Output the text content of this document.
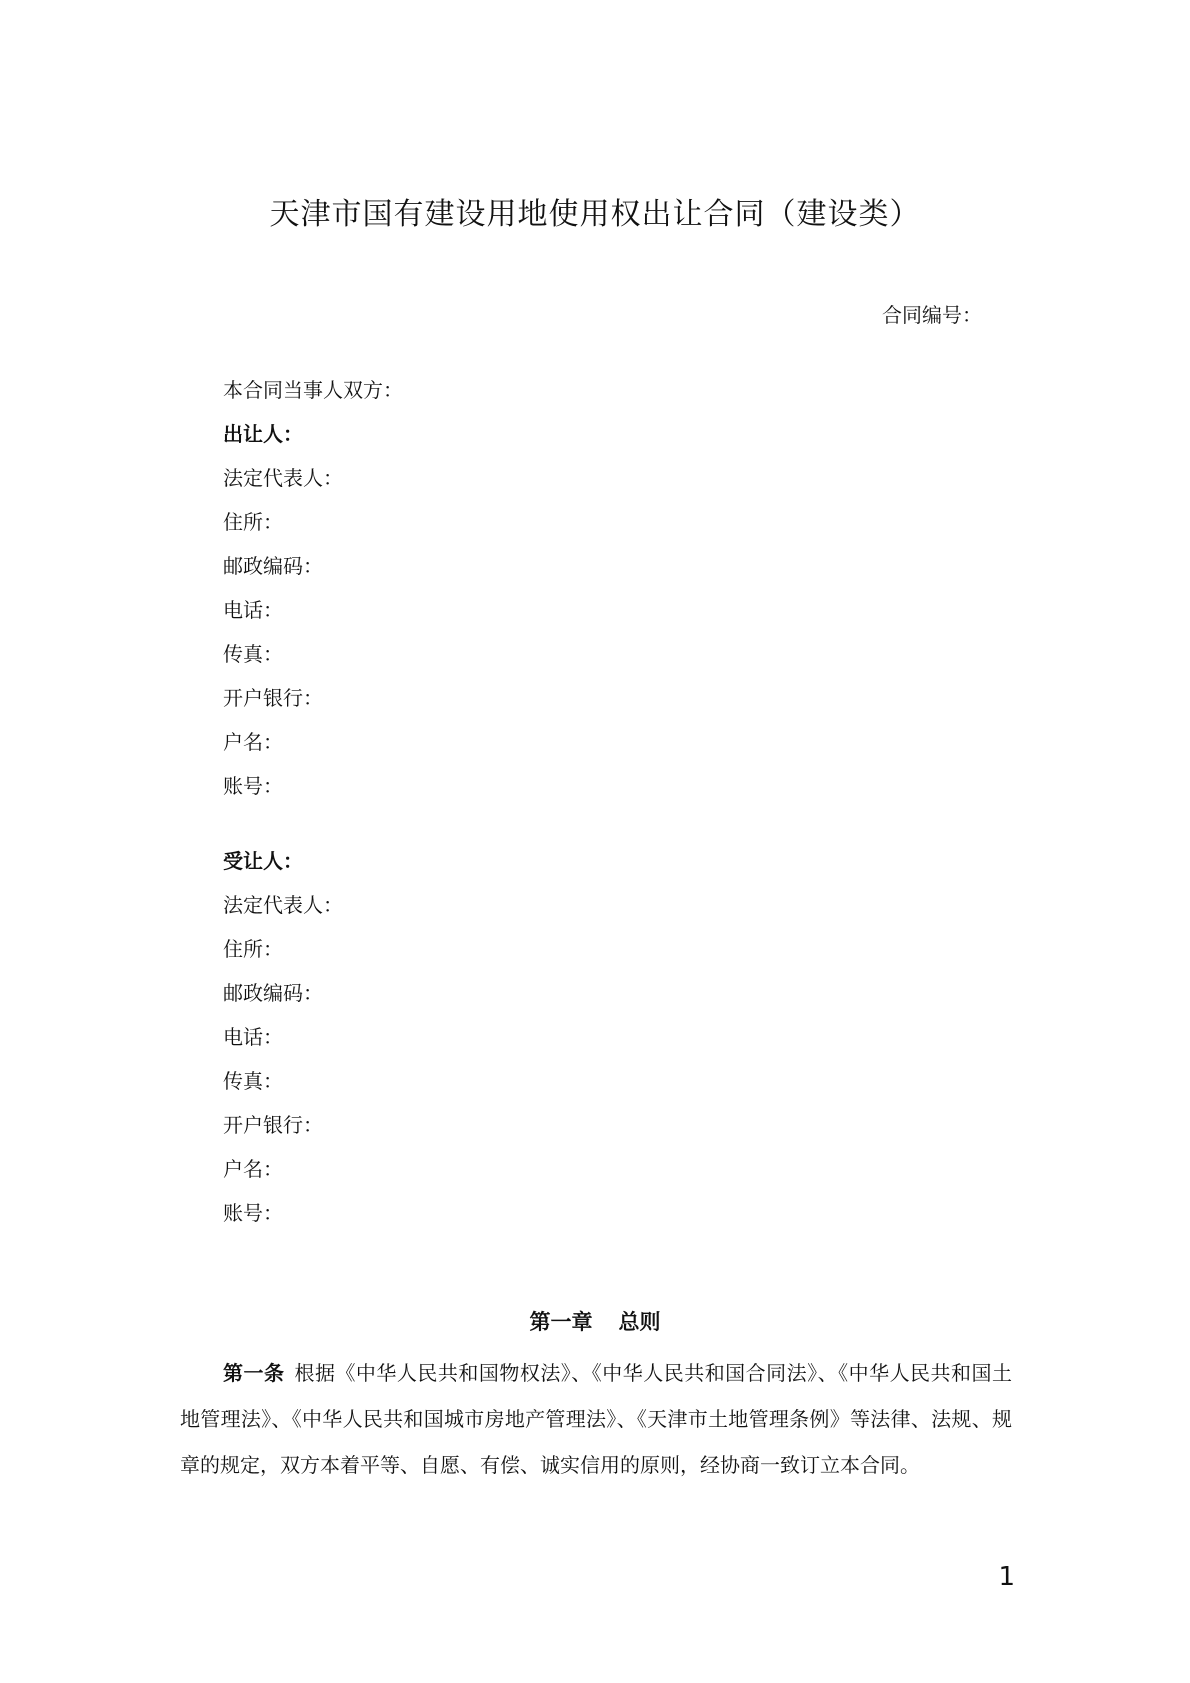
天津市国有建设用地使用权出让合同（建设类）
合同编号：
本合同当事人双方：
出让人：
法定代表人：
住所：
邮政编码：
电话：
传真：
开户银行：
户名：
账号：
受让人：
法定代表人：
住所：
邮政编码：
电话：
传真：
开户银行：
户名：
账号：
第一章 总则
第一条 根据《中华人民共和国物权法》、《中华人民共和国合同法》、《中华人民共和国土地管理法》、《中华人民共和国城市房地产管理法》、《天津市土地管理条例》等法律、法规、规章的规定，双方本着平等、自愿、有偿、诚实信用的原则，经协商一致订立本合同。
1
